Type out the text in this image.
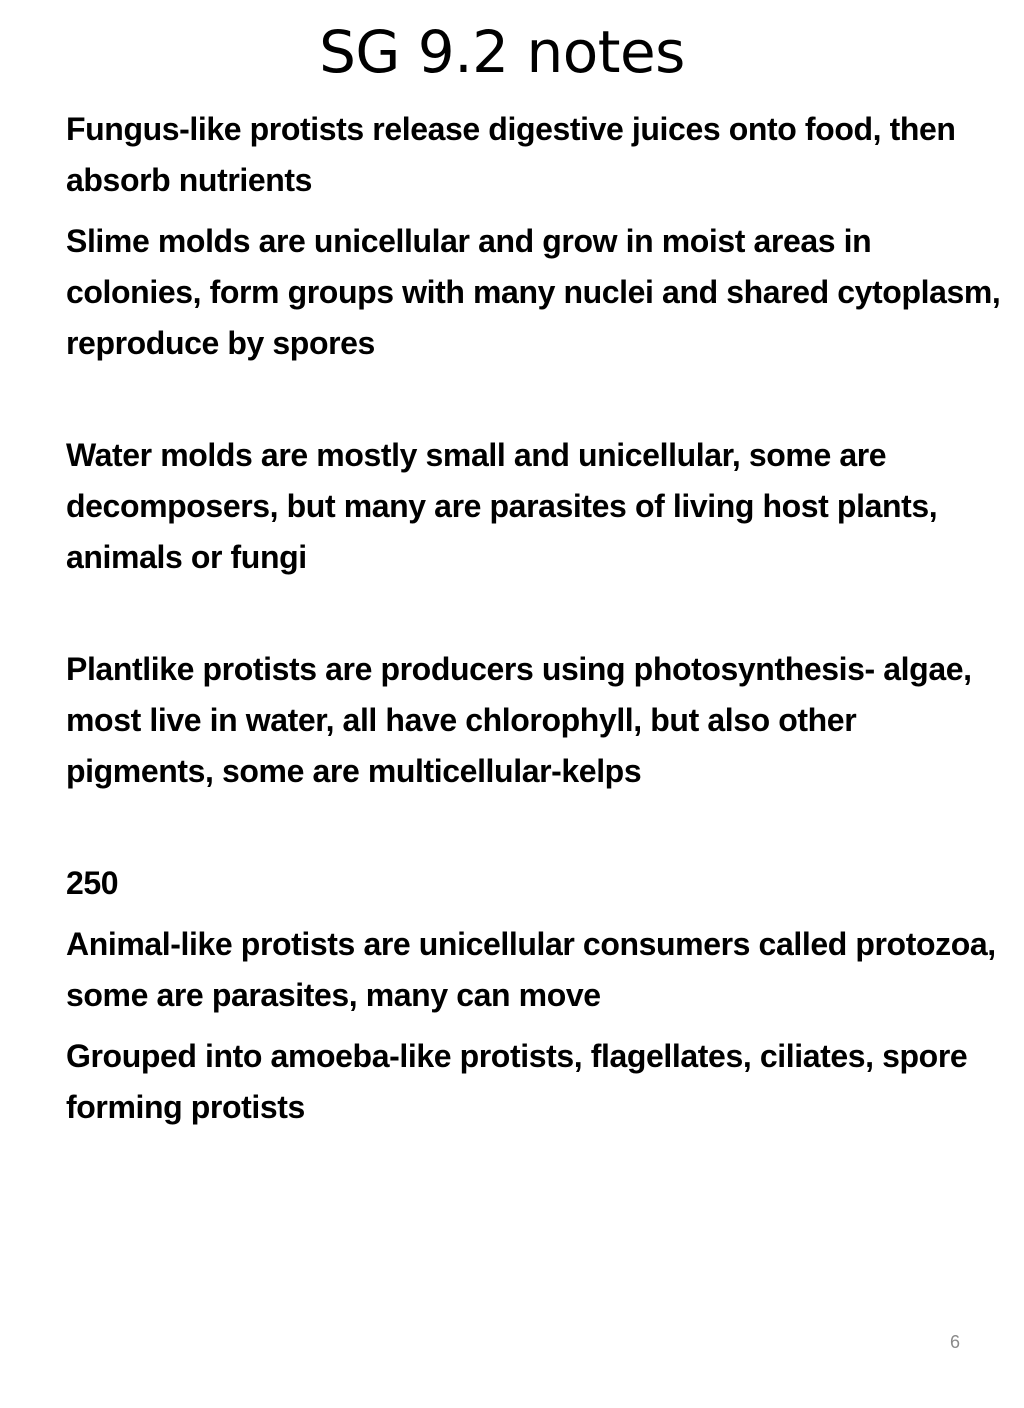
SG 9.2 notes

Fungus-like protists release digestive juices onto food, then absorb nutrients

Slime molds are unicellular and grow in moist areas in colonies, form groups with many nuclei and shared cytoplasm, reproduce by spores

Water molds are mostly small and unicellular, some are decomposers, but many are parasites of living host plants, animals or fungi

Plantlike protists are producers using photosynthesis- algae, most live in water, all have chlorophyll, but also other pigments, some are multicellular-kelps

250

Animal-like protists are unicellular consumers called protozoa, some are parasites, many can move

Grouped into amoeba-like protists, flagellates, ciliates, spore forming protists

6
